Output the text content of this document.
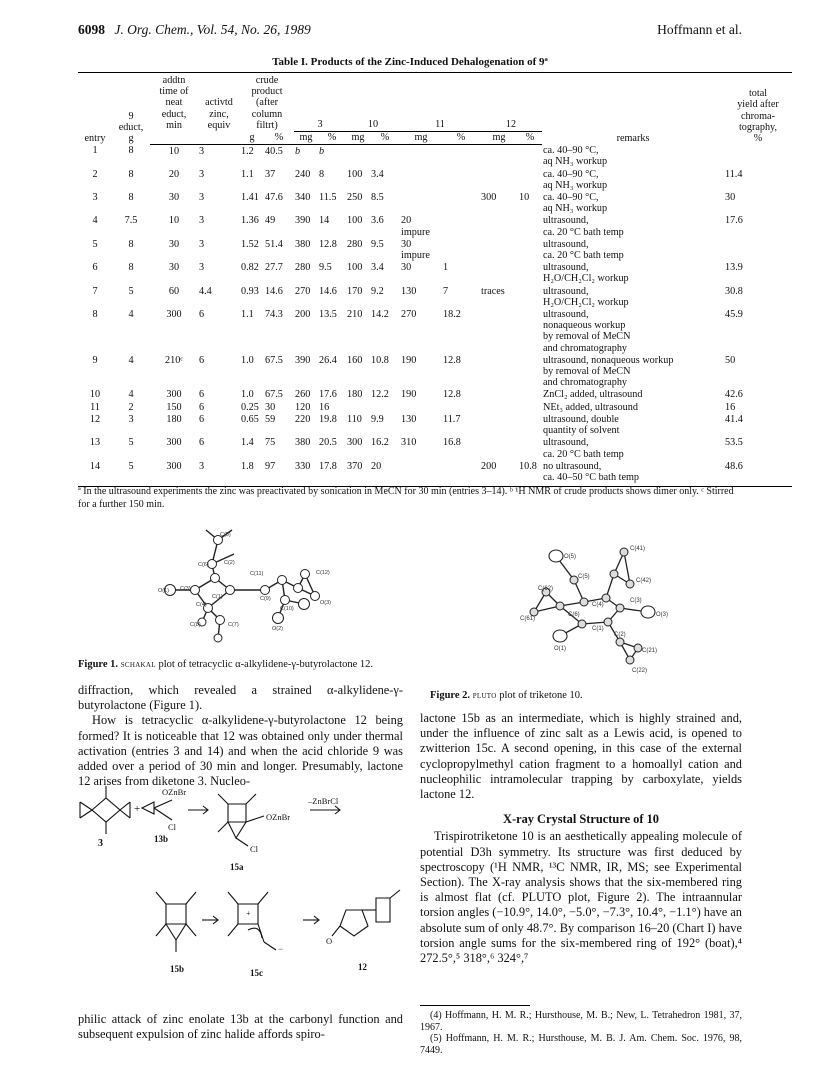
6098 J. Org. Chem., Vol. 54, No. 26, 1989	Hoffmann et al.
Table I. Products of the Zinc-Induced Dehalogenation of 9ª
entry	9
educt,
g	addtn
time of
neat
educt,
min	activtd
zinc,
equiv	crude
product
(after
column
filtrt)		3		10		11		12		remarks	total
yield after
chroma-
tography,
%
				g	%	mg	%	mg	%	mg	%	mg	%		
1	8	10	3	1.2	40.5	b	b							ca. 40–90 °C,
aq NH₃ workup	
2	8	20	3	1.1	37	240	8	100	3.4					ca. 40–90 °C,
aq NH₃ workup	11.4
3	8	30	3	1.41	47.6	340	11.5	250	8.5			300	10	ca. 40–90 °C,
aq NH₃ workup	30
4	7.5	10	3	1.36	49	390	14	100	3.6	20
impure				ultrasound,
ca. 20 °C bath temp	17.6
5	8	30	3	1.52	51.4	380	12.8	280	9.5	30
impure				ultrasound,
ca. 20 °C bath temp	
6	8	30	3	0.82	27.7	280	9.5	100	3.4	30	1			ultrasound,
H₂O/CH₂Cl₂ workup	13.9
7	5	60	4.4	0.93	14.6	270	14.6	170	9.2	130	7	traces		ultrasound,
H₂O/CH₂Cl₂ workup	30.8
8	4	300	6	1.1	74.3	200	13.5	210	14.2	270	18.2			ultrasound,
nonaqueous workup
by removal of MeCN
and chromatography	45.9
9	4	210ᶜ	6	1.0	67.5	390	26.4	160	10.8	190	12.8			ultrasound, nonaqueous workup
by removal of MeCN
and chromatography	50
10	4	300	6	1.0	67.5	260	17.6	180	12.2	190	12.8			ZnCl₂ added, ultrasound	42.6
11	2	150	6	0.25	30	120	16							NEt₃ added, ultrasound	16
12	3	180	6	0.65	59	220	19.8	110	9.9	130	11.7			ultrasound, double
quantity of solvent	41.4
13	5	300	6	1.4	75	380	20.5	300	16.2	310	16.8			ultrasound,
ca. 20 °C bath temp	53.5
14	5	300	3	1.8	97	330	17.8	370	20			200	10.8	no ultrasound,
ca. 40–50 °C bath temp	48.6
ª In the ultrasound experiments the zinc was preactivated by sonication in MeCN for 30 min (entries 3–14). ᵇ ¹H NMR of crude products shows dimer only. ᶜ Stirred for a further 150 min.
C(5)
C(6)
C(11)	C(12)
C(2)
O(1) C(3)
C(4)
C(1)	C(9)
C(10)
O(3)
C(8)	C(7)
O(2)
Figure 1. schakal plot of tetracyclic α-alkylidene-γ-butyrolactone 12.
C(41)
O(5)
C(5)
C(42)
C(62)
C(4)
C(3)
O(3)
C(6)
C(61)
C(1)
C(2)
O(1)	C(21)
C(22)
Figure 2. pluto plot of triketone 10.

diffraction, which revealed a strained α-alkylidene-γ-butyrolactone (Figure 1).

How is tetracyclic α-alkylidene-γ-butyrolactone 12 being formed? It is noticeable that 12 was obtained only under thermal activation (entries 3 and 14) and when the acid chloride 9 was added over a period of 30 min and longer. Presumably, lactone 12 arises from diketone 3. Nucleo-

3
+
OZnBr
Cl
13b
OZnBr
Cl
15a
–ZnBrCl
15b	15c
+
−
O
12

philic attack of zinc enolate 13b at the carbonyl function and subsequent expulsion of zinc halide affords spiro-

lactone 15b as an intermediate, which is highly strained and, under the influence of zinc salt as a Lewis acid, is opened to zwitterion 15c. A second opening, in this case of the external cyclopropylmethyl cation fragment to a homoallyl cation and nucleophilic intramolecular trapping by carboxylate, yields lactone 12.

X-ray Crystal Structure of 10

Trispirotriketone 10 is an aesthetically appealing molecule of potential D3h symmetry. Its structure was first deduced by spectroscopy (¹H NMR, ¹³C NMR, IR, MS; see Experimental Section). The X-ray analysis shows that the six-membered ring is almost flat (cf. PLUTO plot, Figure 2). The intraannular torsion angles (−10.9°, 14.0°, −5.0°, −7.3°, 10.4°, −1.1°) have an absolute sum of only 48.7°. By comparison 16–20 (Chart I) have torsion angle sums for the six-membered ring of 192° (boat),⁴ 272.5°,⁵ 318°,⁶ 324°,⁷

(4) Hoffmann, H. M. R.; Hursthouse, M. B.; New, L. Tetrahedron 1981, 37, 1967.

(5) Hoffmann, H. M. R.; Hursthouse, M. B. J. Am. Chem. Soc. 1976, 98, 7449.
